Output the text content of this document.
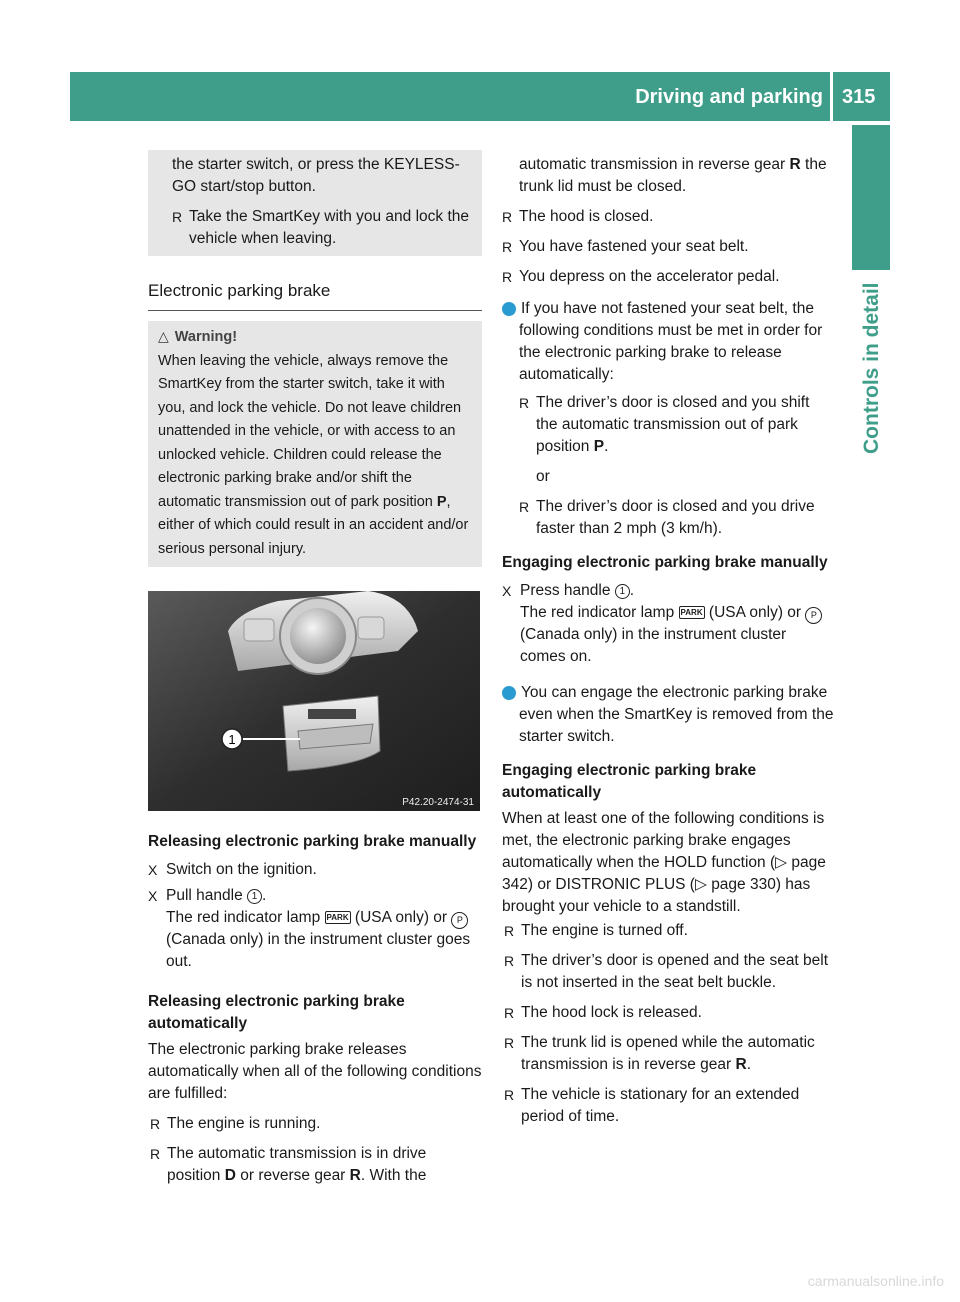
Driving and parking 315
Controls in detail

the starter switch, or press the KEYLESS-GO start/stop button.

R Take the SmartKey with you and lock the vehicle when leaving.

Electronic parking brake

△ Warning!

When leaving the vehicle, always remove the SmartKey from the starter switch, take it with you, and lock the vehicle. Do not leave children unattended in the vehicle, or with access to an unlocked vehicle. Children could release the electronic parking brake and/or shift the automatic transmission out of park position P, either of which could result in an accident and/or serious personal injury.

1
P42.20-2474-31

Releasing electronic parking brake manually

X Switch on the ignition.

X Pull handle 1 .

The red indicator lamp PARK (USA only) or P (Canada only) in the instrument cluster goes out.

Releasing electronic parking brake automatically

The electronic parking brake releases automatically when all of the following conditions are fulfilled:

R The engine is running.

R The automatic transmission is in drive position D or reverse gear R. With the

automatic transmission in reverse gear R the trunk lid must be closed.

R The hood is closed.

R You have fastened your seat belt.

R You depress on the accelerator pedal.

i If you have not fastened your seat belt, the following conditions must be met in order for the electronic parking brake to release automatically:

R The driver’s door is closed and you shift the automatic transmission out of park position P.

or

R The driver’s door is closed and you drive faster than 2 mph (3 km/h).

Engaging electronic parking brake manually

X Press handle 1 .

The red indicator lamp PARK (USA only) or P (Canada only) in the instrument cluster comes on.

i You can engage the electronic parking brake even when the SmartKey is removed from the starter switch.

Engaging electronic parking brake automatically

When at least one of the following conditions is met, the electronic parking brake engages automatically when the HOLD function (▷ page 342) or DISTRONIC PLUS (▷ page 330) has brought your vehicle to a standstill.

R The engine is turned off.

R The driver’s door is opened and the seat belt is not inserted in the seat belt buckle.

R The hood lock is released.

R The trunk lid is opened while the automatic transmission is in reverse gear R.

R The vehicle is stationary for an extended period of time.

carmanualsonline.info
